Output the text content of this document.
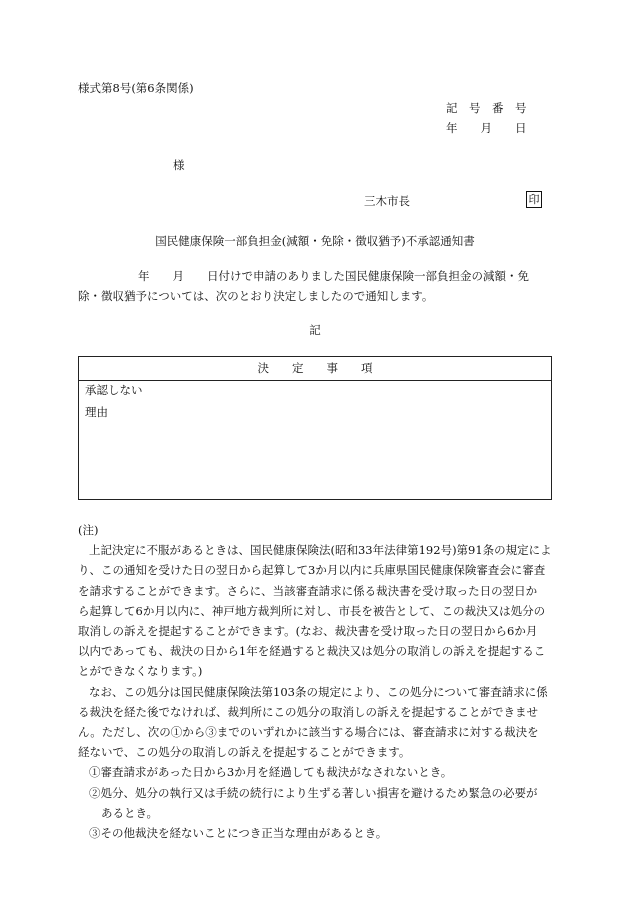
様式第8号(第6条関係)
記　号　番　号
年　　月　　日
様
三木市長	印
国民健康保険一部負担金(減額・免除・徴収猶予)不承認通知書
年　　月　　日付けで申請のありました国民健康保険一部負担金の減額・免
除・徴収猶予については、次のとおり決定しましたので通知します。
記
決　　定　　事　　項
承認しない
理由
(注)
上記決定に不服があるときは、国民健康保険法(昭和33年法律第192号)第91条の規定によ
り、この通知を受けた日の翌日から起算して3か月以内に兵庫県国民健康保険審査会に審査
を請求することができます。さらに、当該審査請求に係る裁決書を受け取った日の翌日か
ら起算して6か月以内に、神戸地方裁判所に対し、市長を被告として、この裁決又は処分の
取消しの訴えを提起することができます。(なお、裁決書を受け取った日の翌日から6か月
以内であっても、裁決の日から1年を経過すると裁決又は処分の取消しの訴えを提起するこ
とができなくなります。)
なお、この処分は国民健康保険法第103条の規定により、この処分について審査請求に係
る裁決を経た後でなければ、裁判所にこの処分の取消しの訴えを提起することができませ
ん。ただし、次の①から③までのいずれかに該当する場合には、審査請求に対する裁決を
経ないで、この処分の取消しの訴えを提起することができます。
①審査請求があった日から3か月を経過しても裁決がなされないとき。
②処分、処分の執行又は手続の続行により生ずる著しい損害を避けるため緊急の必要が
あるとき。
③その他裁決を経ないことにつき正当な理由があるとき。
